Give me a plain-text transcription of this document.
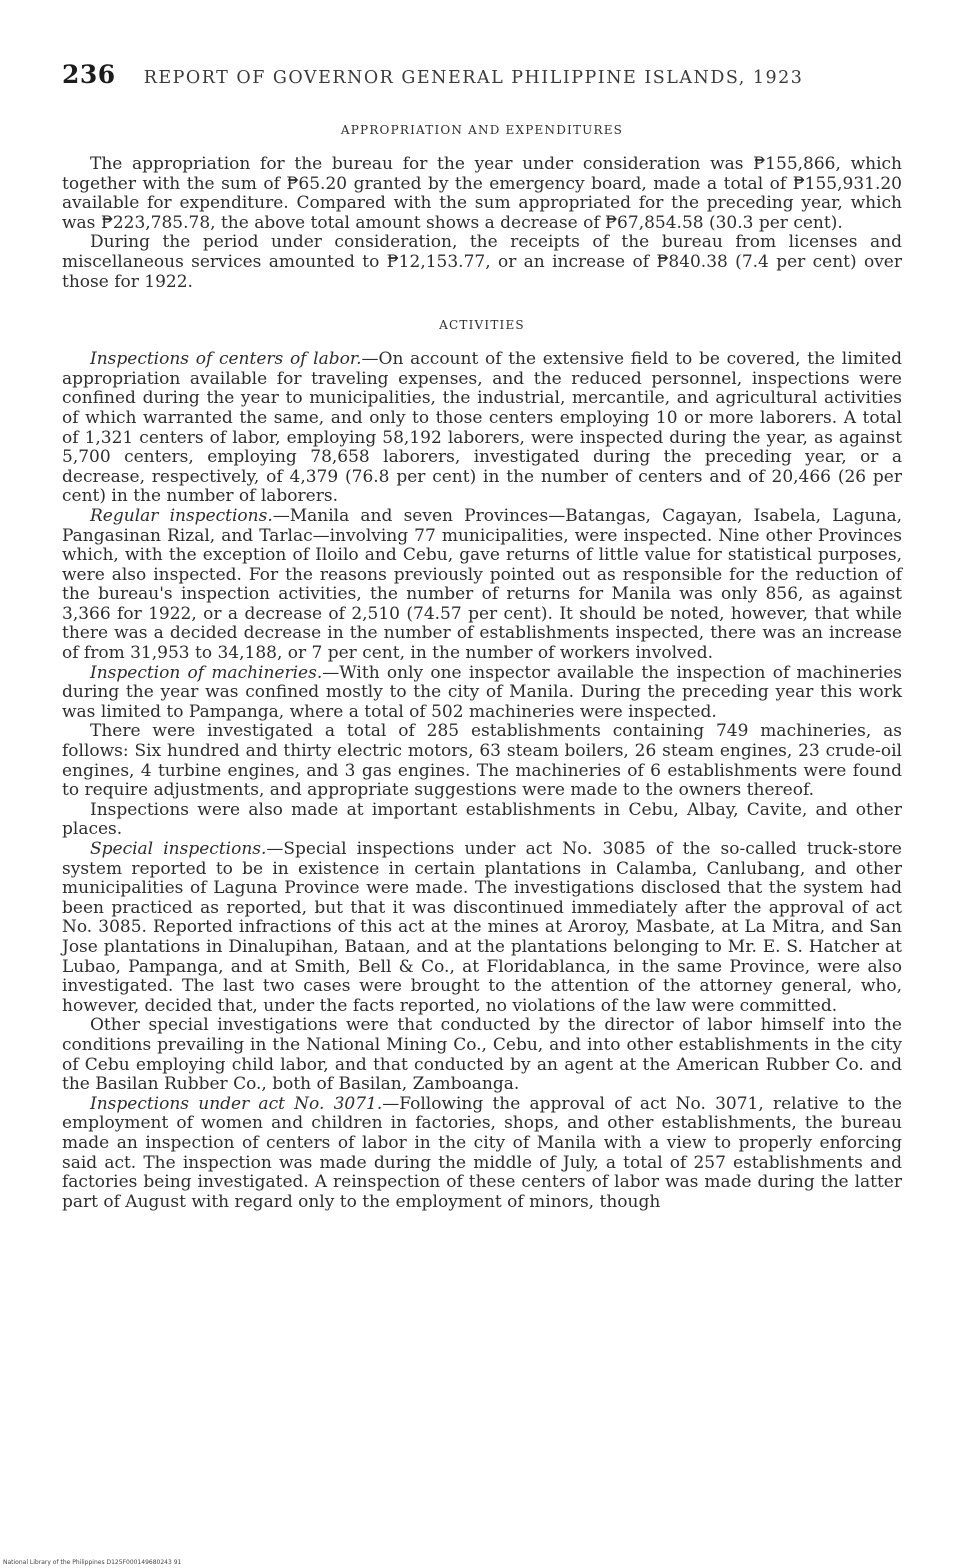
236 REPORT OF GOVERNOR GENERAL PHILIPPINE ISLANDS, 1923
APPROPRIATION AND EXPENDITURES

The appropriation for the bureau for the year under consideration was ₱155,866, which together with the sum of ₱65.20 granted by the emergency board, made a total of ₱155,931.20 available for expenditure. Compared with the sum appropriated for the preceding year, which was ₱223,785.78, the above total amount shows a decrease of ₱67,854.58 (30.3 per cent).

During the period under consideration, the receipts of the bureau from licenses and miscellaneous services amounted to ₱12,153.77, or an increase of ₱840.38 (7.4 per cent) over those for 1922.

ACTIVITIES

Inspections of centers of labor.—On account of the extensive field to be covered, the limited appropriation available for traveling expenses, and the reduced personnel, inspections were confined during the year to municipalities, the industrial, mercantile, and agricultural activities of which warranted the same, and only to those centers employing 10 or more laborers. A total of 1,321 centers of labor, employing 58,192 laborers, were inspected during the year, as against 5,700 centers, employing 78,658 laborers, investigated during the preceding year, or a decrease, respectively, of 4,379 (76.8 per cent) in the number of centers and of 20,466 (26 per cent) in the number of laborers.

Regular inspections.—Manila and seven Provinces—Batangas, Cagayan, Isabela, Laguna, Pangasinan Rizal, and Tarlac—involving 77 municipalities, were inspected. Nine other Provinces which, with the exception of Iloilo and Cebu, gave returns of little value for statistical purposes, were also inspected. For the reasons previously pointed out as responsible for the reduction of the bureau's inspection activities, the number of returns for Manila was only 856, as against 3,366 for 1922, or a decrease of 2,510 (74.57 per cent). It should be noted, however, that while there was a decided decrease in the number of establishments inspected, there was an increase of from 31,953 to 34,188, or 7 per cent, in the number of workers involved.

Inspection of machineries.—With only one inspector available the inspection of machineries during the year was confined mostly to the city of Manila. During the preceding year this work was limited to Pampanga, where a total of 502 machineries were inspected.

There were investigated a total of 285 establishments containing 749 machineries, as follows: Six hundred and thirty electric motors, 63 steam boilers, 26 steam engines, 23 crude-oil engines, 4 turbine engines, and 3 gas engines. The machineries of 6 establishments were found to require adjustments, and appropriate suggestions were made to the owners thereof.

Inspections were also made at important establishments in Cebu, Albay, Cavite, and other places.

Special inspections.—Special inspections under act No. 3085 of the so-called truck-store system reported to be in existence in certain plantations in Calamba, Canlubang, and other municipalities of Laguna Province were made. The investigations disclosed that the system had been practiced as reported, but that it was discontinued immediately after the approval of act No. 3085. Reported infractions of this act at the mines at Aroroy, Masbate, at La Mitra, and San Jose plantations in Dinalupihan, Bataan, and at the plantations belonging to Mr. E. S. Hatcher at Lubao, Pampanga, and at Smith, Bell & Co., at Floridablanca, in the same Province, were also investigated. The last two cases were brought to the attention of the attorney general, who, however, decided that, under the facts reported, no violations of the law were committed.

Other special investigations were that conducted by the director of labor himself into the conditions prevailing in the National Mining Co., Cebu, and into other establishments in the city of Cebu employing child labor, and that conducted by an agent at the American Rubber Co. and the Basilan Rubber Co., both of Basilan, Zamboanga.

Inspections under act No. 3071.—Following the approval of act No. 3071, relative to the employment of women and children in factories, shops, and other establishments, the bureau made an inspection of centers of labor in the city of Manila with a view to properly enforcing said act. The inspection was made during the middle of July, a total of 257 establishments and factories being investigated. A reinspection of these centers of labor was made during the latter part of August with regard only to the employment of minors, though

National Library of the Philippines D125F000149680243 91
